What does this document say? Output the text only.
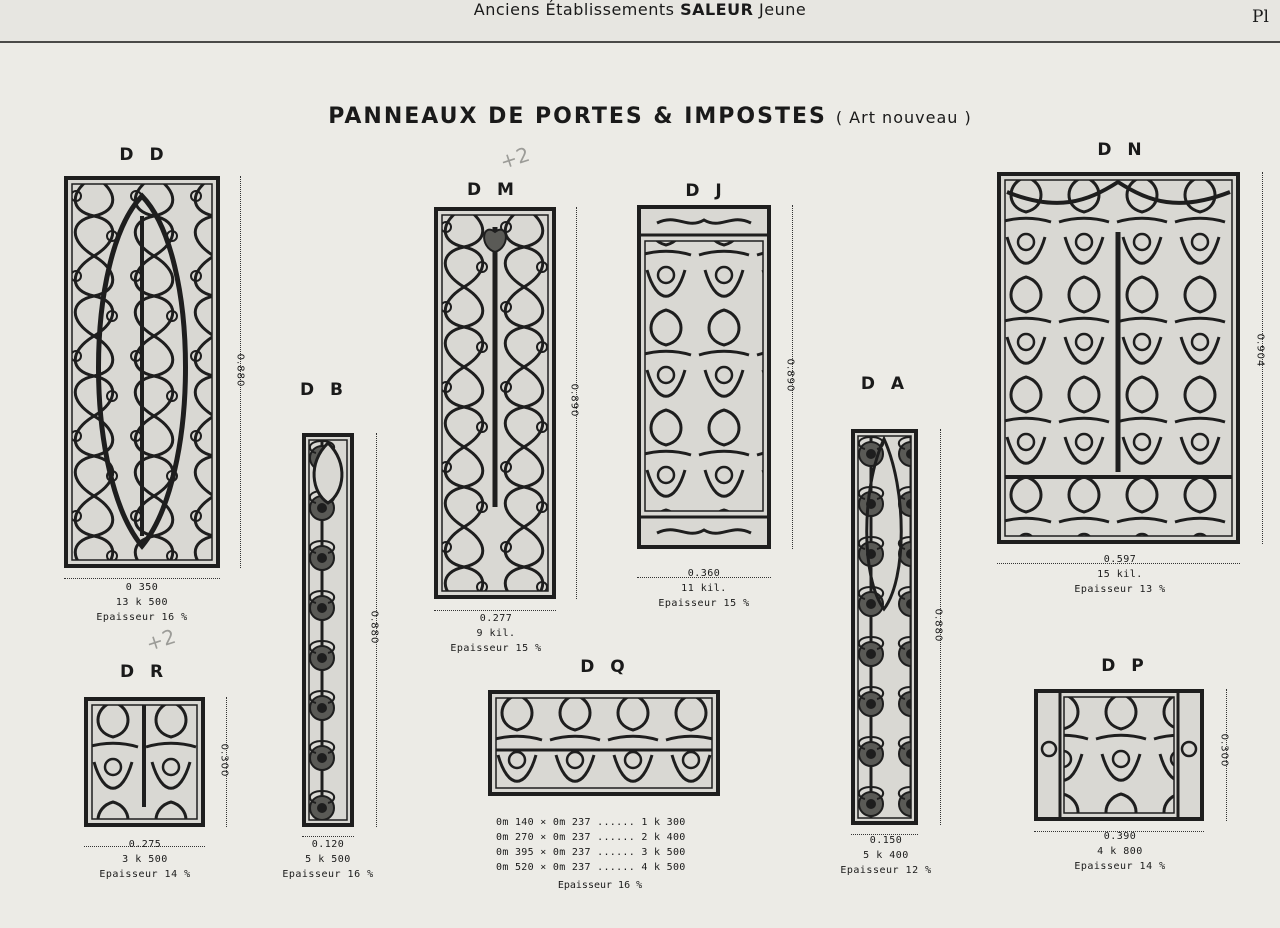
Anciens Établissements SALEUR Jeune	Pl
PANNEAUX DE PORTES & IMPOSTES ( Art nouveau )
+2
+2
D D
0.880
0 350
13 k 500
Epaisseur 16 %
D B
0.880
0.120
5 k 500
Epaisseur 16 %
D M
0.890
0.277
9 kil.
Epaisseur 15 %
D J
0.890
0.360
11 kil.
Epaisseur 15 %
D A
0.880
0.150
5 k 400
Epaisseur 12 %
D N
0.904
0.597
15 kil.
Epaisseur 13 %
D R
0.300
0.275
3 k 500
Epaisseur 14 %
D Q
0m 140 × 0m 237 ...... 1 k 300
0m 270 × 0m 237 ...... 2 k 400
0m 395 × 0m 237 ...... 3 k 500
0m 520 × 0m 237 ...... 4 k 500
Epaisseur 16 %
D P
0.300
0.390
4 k 800
Epaisseur 14 %
